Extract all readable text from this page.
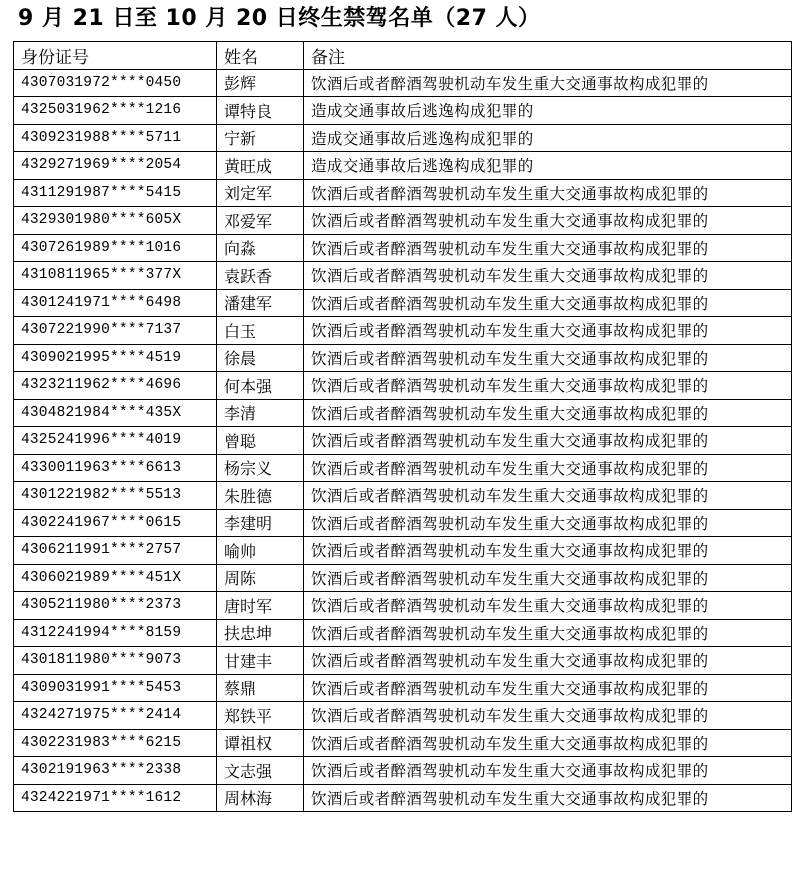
9 月 21 日至 10 月 20 日终生禁驾名单（27 人）
身份证号	姓名	备注
4307031972****0450	彭辉	饮酒后或者醉酒驾驶机动车发生重大交通事故构成犯罪的
4325031962****1216	谭特良	造成交通事故后逃逸构成犯罪的
4309231988****5711	宁新	造成交通事故后逃逸构成犯罪的
4329271969****2054	黄旺成	造成交通事故后逃逸构成犯罪的
4311291987****5415	刘定军	饮酒后或者醉酒驾驶机动车发生重大交通事故构成犯罪的
4329301980****605X	邓爱军	饮酒后或者醉酒驾驶机动车发生重大交通事故构成犯罪的
4307261989****1016	向淼	饮酒后或者醉酒驾驶机动车发生重大交通事故构成犯罪的
4310811965****377X	袁跃香	饮酒后或者醉酒驾驶机动车发生重大交通事故构成犯罪的
4301241971****6498	潘建军	饮酒后或者醉酒驾驶机动车发生重大交通事故构成犯罪的
4307221990****7137	白玉	饮酒后或者醉酒驾驶机动车发生重大交通事故构成犯罪的
4309021995****4519	徐晨	饮酒后或者醉酒驾驶机动车发生重大交通事故构成犯罪的
4323211962****4696	何本强	饮酒后或者醉酒驾驶机动车发生重大交通事故构成犯罪的
4304821984****435X	李清	饮酒后或者醉酒驾驶机动车发生重大交通事故构成犯罪的
4325241996****4019	曾聪	饮酒后或者醉酒驾驶机动车发生重大交通事故构成犯罪的
4330011963****6613	杨宗义	饮酒后或者醉酒驾驶机动车发生重大交通事故构成犯罪的
4301221982****5513	朱胜德	饮酒后或者醉酒驾驶机动车发生重大交通事故构成犯罪的
4302241967****0615	李建明	饮酒后或者醉酒驾驶机动车发生重大交通事故构成犯罪的
4306211991****2757	喻帅	饮酒后或者醉酒驾驶机动车发生重大交通事故构成犯罪的
4306021989****451X	周陈	饮酒后或者醉酒驾驶机动车发生重大交通事故构成犯罪的
4305211980****2373	唐时军	饮酒后或者醉酒驾驶机动车发生重大交通事故构成犯罪的
4312241994****8159	扶忠坤	饮酒后或者醉酒驾驶机动车发生重大交通事故构成犯罪的
4301811980****9073	甘建丰	饮酒后或者醉酒驾驶机动车发生重大交通事故构成犯罪的
4309031991****5453	蔡鼎	饮酒后或者醉酒驾驶机动车发生重大交通事故构成犯罪的
4324271975****2414	郑铁平	饮酒后或者醉酒驾驶机动车发生重大交通事故构成犯罪的
4302231983****6215	谭祖权	饮酒后或者醉酒驾驶机动车发生重大交通事故构成犯罪的
4302191963****2338	文志强	饮酒后或者醉酒驾驶机动车发生重大交通事故构成犯罪的
4324221971****1612	周林海	饮酒后或者醉酒驾驶机动车发生重大交通事故构成犯罪的
